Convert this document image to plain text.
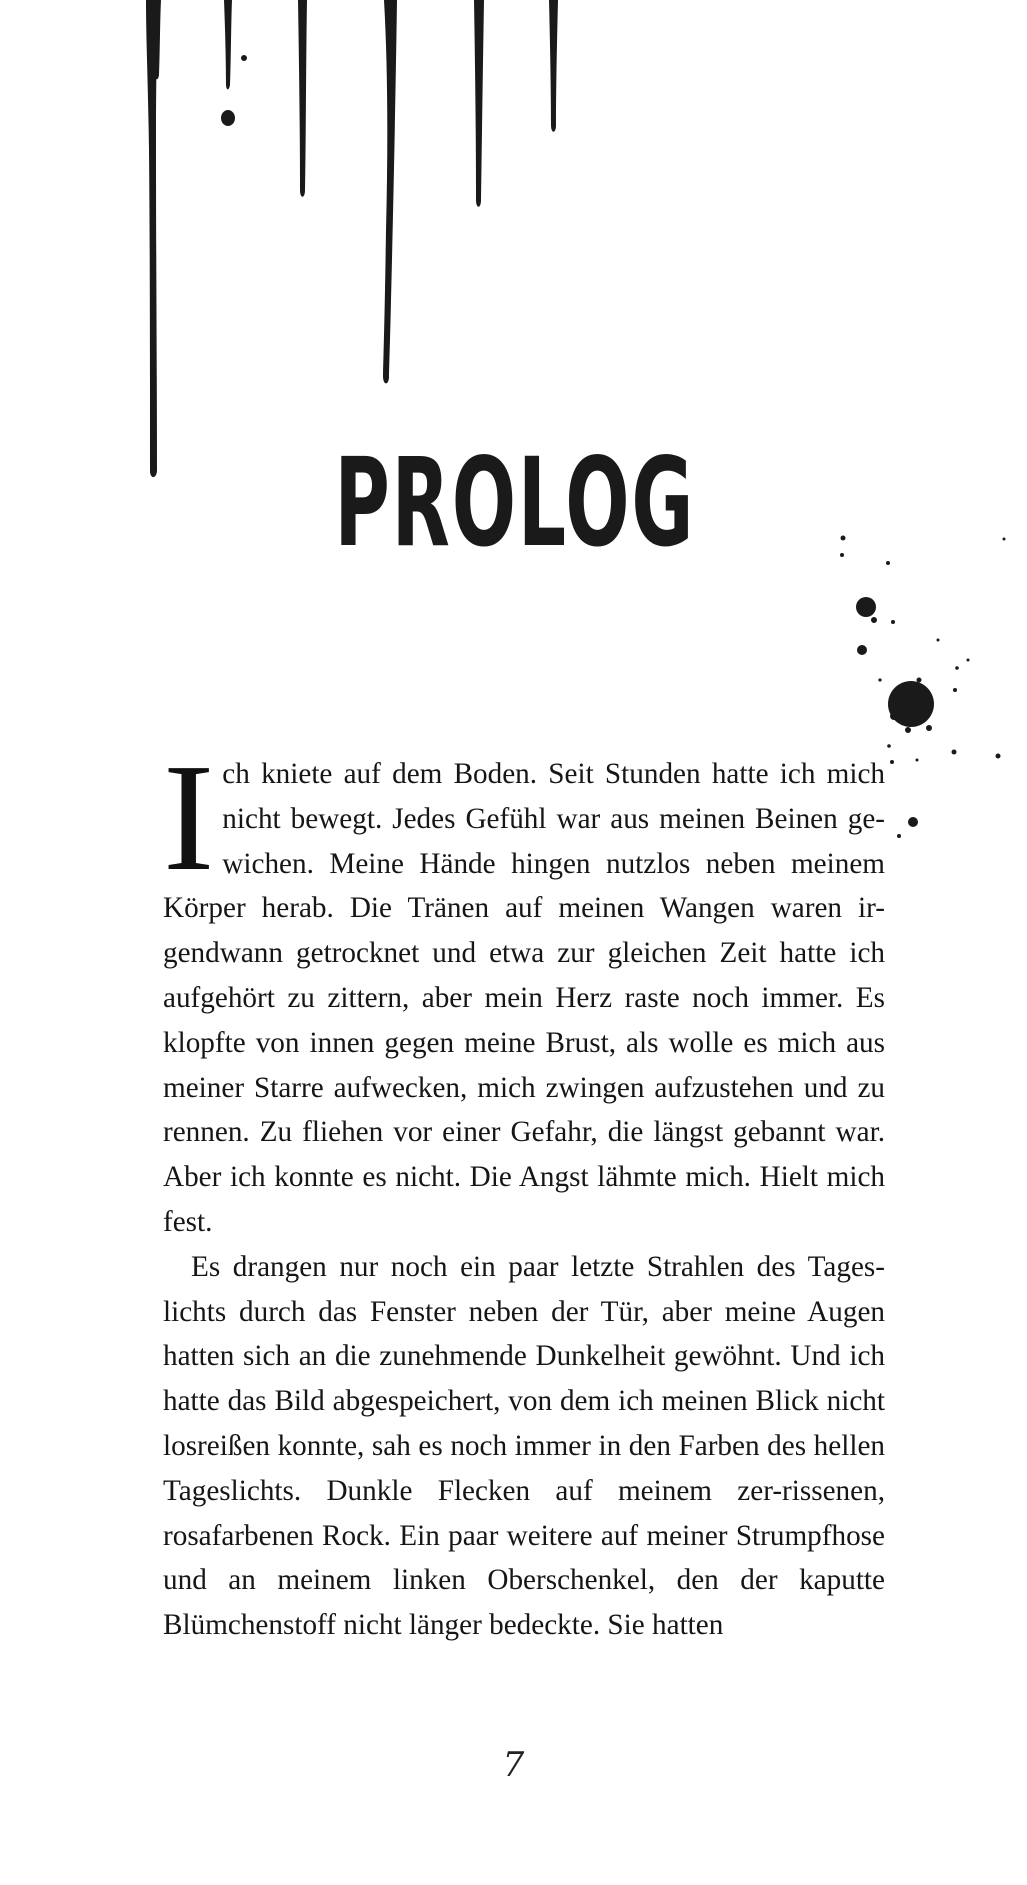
PROLOG

Ich kniete auf dem Boden. Seit Stunden hatte ich mich nicht bewegt. Jedes Gefühl war aus meinen Beinen ge-wichen. Meine Hände hingen nutzlos neben meinem Körper herab. Die Tränen auf meinen Wangen waren ir-gendwann getrocknet und etwa zur gleichen Zeit hatte ich aufgehört zu zittern, aber mein Herz raste noch immer. Es klopfte von innen gegen meine Brust, als wolle es mich aus meiner Starre aufwecken, mich zwingen aufzustehen und zu rennen. Zu fliehen vor einer Gefahr, die längst gebannt war. Aber ich konnte es nicht. Die Angst lähmte mich. Hielt mich fest.

Es drangen nur noch ein paar letzte Strahlen des Tages-lichts durch das Fenster neben der Tür, aber meine Augen hatten sich an die zunehmende Dunkelheit gewöhnt. Und ich hatte das Bild abgespeichert, von dem ich meinen Blick nicht losreißen konnte, sah es noch immer in den Farben des hellen Tageslichts. Dunkle Flecken auf meinem zer-rissenen, rosafarbenen Rock. Ein paar weitere auf meiner Strumpfhose und an meinem linken Oberschenkel, den der kaputte Blümchenstoff nicht länger bedeckte. Sie hatten

7
